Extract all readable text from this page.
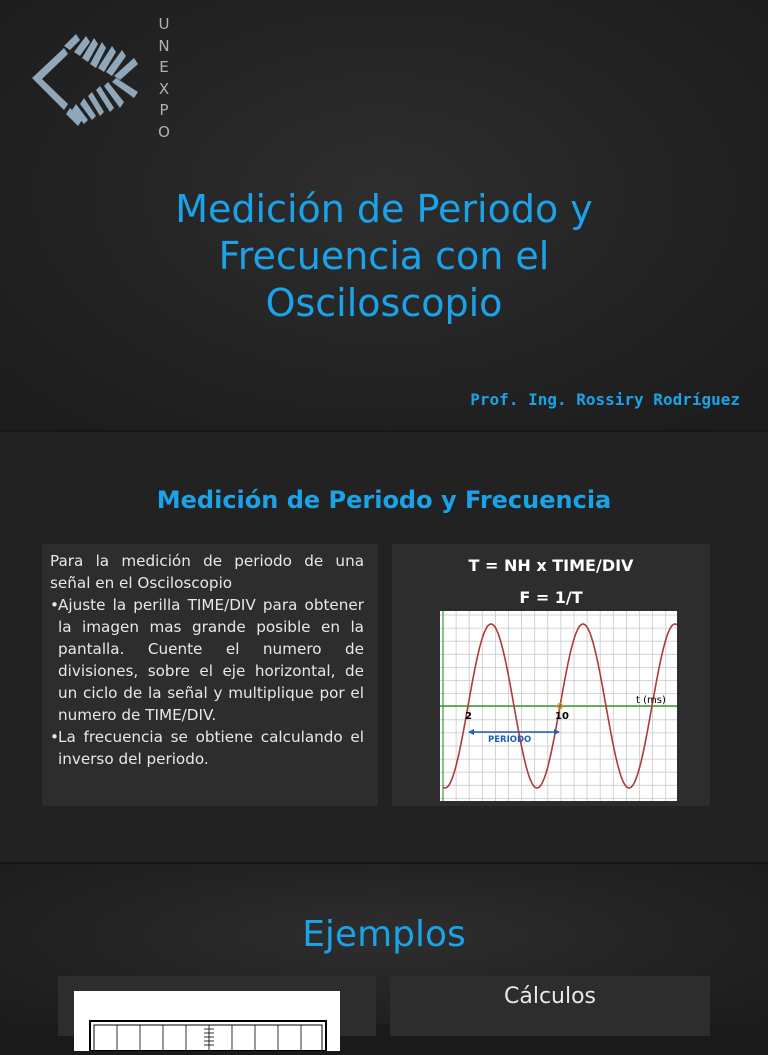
U
N
E
X
P
O
Medición de Periodo y
Frecuencia con el
Osciloscopio
Prof. Ing. Rossiry Rodríguez
Medición de Periodo y Frecuencia

Para la medición de periodo de una señal en el Osciloscopio

• Ajuste la perilla TIME/DIV para obtener la imagen mas grande posible en la pantalla. Cuente el numero de divisiones, sobre el eje horizontal, de un ciclo de la señal y multiplique por el numero de TIME/DIV.
• La frecuencia se obtiene calculando el inverso del periodo.
T = NH x TIME/DIV
F = 1/T
t (ms)
2	10
PERIODO
Ejemplos
Cálculos
